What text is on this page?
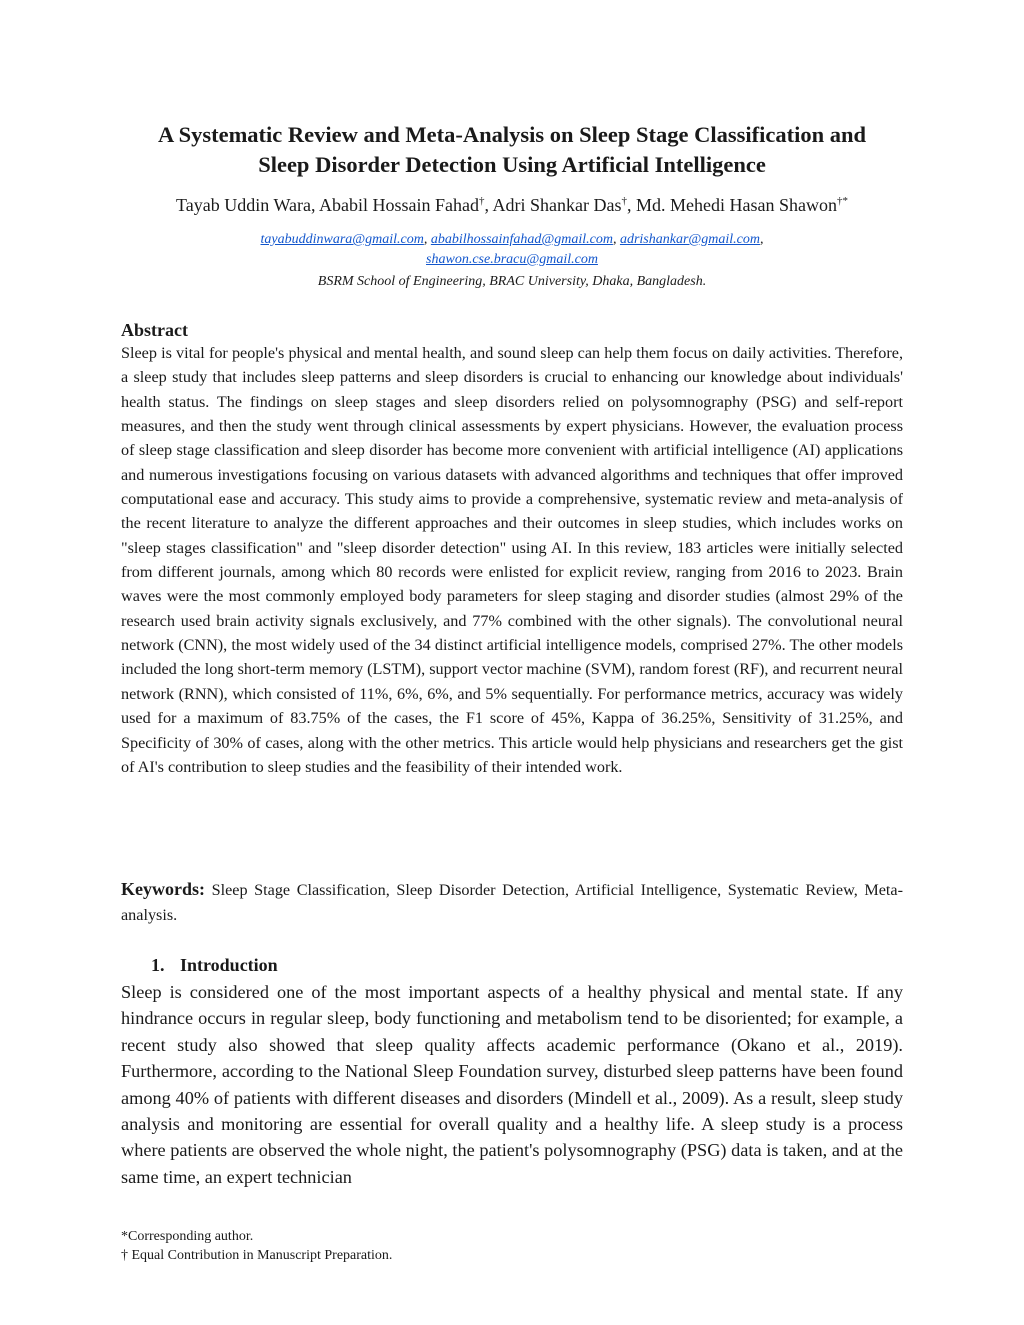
A Systematic Review and Meta-Analysis on Sleep Stage Classification and
Sleep Disorder Detection Using Artificial Intelligence

Tayab Uddin Wara, Ababil Hossain Fahad†, Adri Shankar Das†, Md. Mehedi Hasan Shawon†*

tayabuddinwara@gmail.com, ababilhossainfahad@gmail.com, adrishankar@gmail.com,
shawon.cse.bracu@gmail.com

BSRM School of Engineering, BRAC University, Dhaka, Bangladesh.

Abstract

Sleep is vital for people's physical and mental health, and sound sleep can help them focus on daily activities. Therefore, a sleep study that includes sleep patterns and sleep disorders is crucial to enhancing our knowledge about individuals' health status. The findings on sleep stages and sleep disorders relied on polysomnography (PSG) and self-report measures, and then the study went through clinical assessments by expert physicians. However, the evaluation process of sleep stage classification and sleep disorder has become more convenient with artificial intelligence (AI) applications and numerous investigations focusing on various datasets with advanced algorithms and techniques that offer improved computational ease and accuracy. This study aims to provide a comprehensive, systematic review and meta-analysis of the recent literature to analyze the different approaches and their outcomes in sleep studies, which includes works on "sleep stages classification" and "sleep disorder detection" using AI. In this review, 183 articles were initially selected from different journals, among which 80 records were enlisted for explicit review, ranging from 2016 to 2023. Brain waves were the most commonly employed body parameters for sleep staging and disorder studies (almost 29% of the research used brain activity signals exclusively, and 77% combined with the other signals). The convolutional neural network (CNN), the most widely used of the 34 distinct artificial intelligence models, comprised 27%. The other models included the long short-term memory (LSTM), support vector machine (SVM), random forest (RF), and recurrent neural network (RNN), which consisted of 11%, 6%, 6%, and 5% sequentially. For performance metrics, accuracy was widely used for a maximum of 83.75% of the cases, the F1 score of 45%, Kappa of 36.25%, Sensitivity of 31.25%, and Specificity of 30% of cases, along with the other metrics. This article would help physicians and researchers get the gist of AI's contribution to sleep studies and the feasibility of their intended work.

Keywords: Sleep Stage Classification, Sleep Disorder Detection, Artificial Intelligence, Systematic Review, Meta-analysis.

1. Introduction

Sleep is considered one of the most important aspects of a healthy physical and mental state. If any hindrance occurs in regular sleep, body functioning and metabolism tend to be disoriented; for example, a recent study also showed that sleep quality affects academic performance (Okano et al., 2019). Furthermore, according to the National Sleep Foundation survey, disturbed sleep patterns have been found among 40% of patients with different diseases and disorders (Mindell et al., 2009). As a result, sleep study analysis and monitoring are essential for overall quality and a healthy life. A sleep study is a process where patients are observed the whole night, the patient's polysomnography (PSG) data is taken, and at the same time, an expert technician

*Corresponding author.
† Equal Contribution in Manuscript Preparation.
